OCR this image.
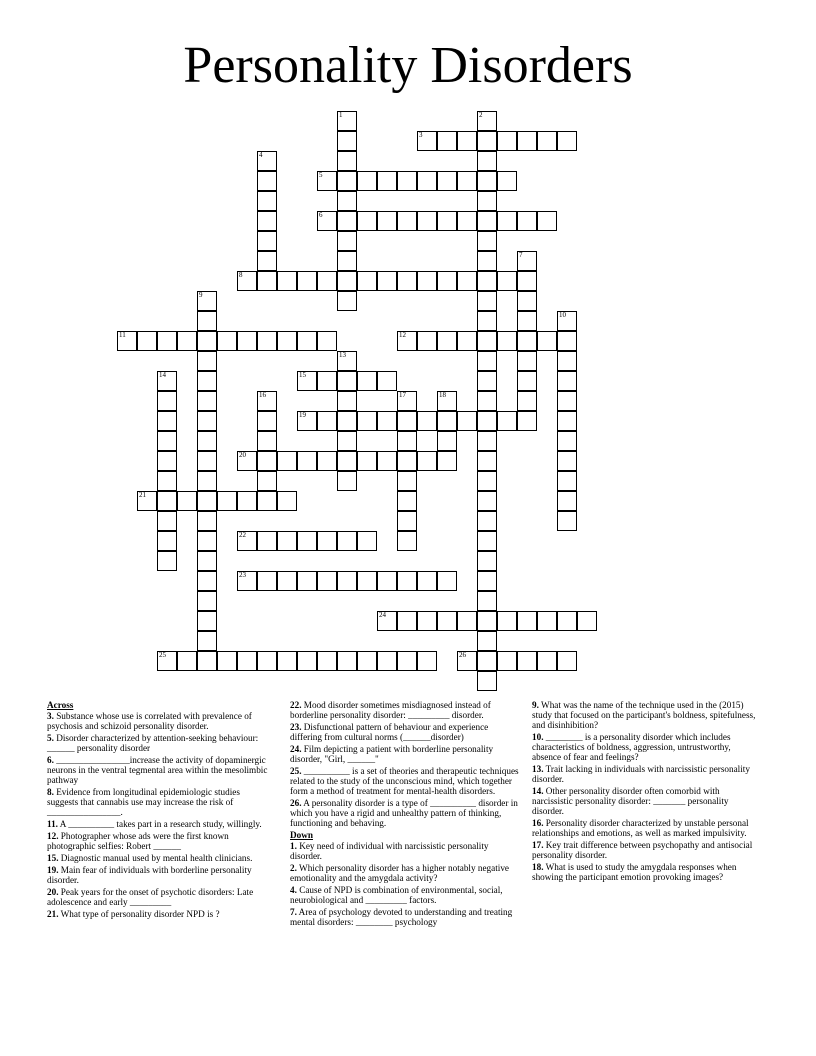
Personality Disorders
1	2
3
4
5
6
7
8
9
10
11	12
13
14	15
16	17	18
19
20
21
22
23
24
25	26
Across
3. Substance whose use is correlated with prevalence of psychosis and schizoid personality disorder.
5. Disorder characterized by attention-seeking behaviour: ______ personality disorder
6. ________________increase the activity of dopaminergic neurons in the ventral tegmental area within the mesolimbic pathway
8. Evidence from longitudinal epidemiologic studies suggests that cannabis use may increase the risk of ________________.
11. A __________ takes part in a research study, willingly.
12. Photographer whose ads were the first known photographic selfies: Robert ______
15. Diagnostic manual used by mental health clinicians.
19. Main fear of individuals with borderline personality disorder.
20. Peak years for the onset of psychotic disorders: Late adolescence and early _________
21. What type of personality disorder NPD is ?
22. Mood disorder sometimes misdiagnosed instead of borderline personality disorder: _________ disorder.
23. Disfunctional pattern of behaviour and experience differing from cultural norms (______disorder)
24. Film depicting a patient with borderline personality disorder, "Girl, ______"
25. __________ is a set of theories and therapeutic techniques related to the study of the unconscious mind, which together form a method of treatment for mental-health disorders.
26. A personality disorder is a type of __________ disorder in which you have a rigid and unhealthy pattern of thinking, functioning and behaving.
Down
1. Key need of individual with narcissistic personality disorder.
2. Which personality disorder has a higher notably negative emotionality and the amygdala activity?
4. Cause of NPD is combination of environmental, social, neurobiological and _________ factors.
7. Area of psychology devoted to understanding and treating mental disorders: ________ psychology
9. What was the name of the technique used in the (2015) study that focused on the participant's boldness, spitefulness, and disinhibition?
10. ________ is a personality disorder which includes characteristics of boldness, aggression, untrustworthy, absence of fear and feelings?
13. Trait lacking in individuals with narcissistic personality disorder.
14. Other personality disorder often comorbid with narcissistic personality disorder: _______ personality disorder.
16. Personality disorder characterized by unstable personal relationships and emotions, as well as marked impulsivity.
17. Key trait difference between psychopathy and antisocial personality disorder.
18. What is used to study the amygdala responses when showing the participant emotion provoking images?
